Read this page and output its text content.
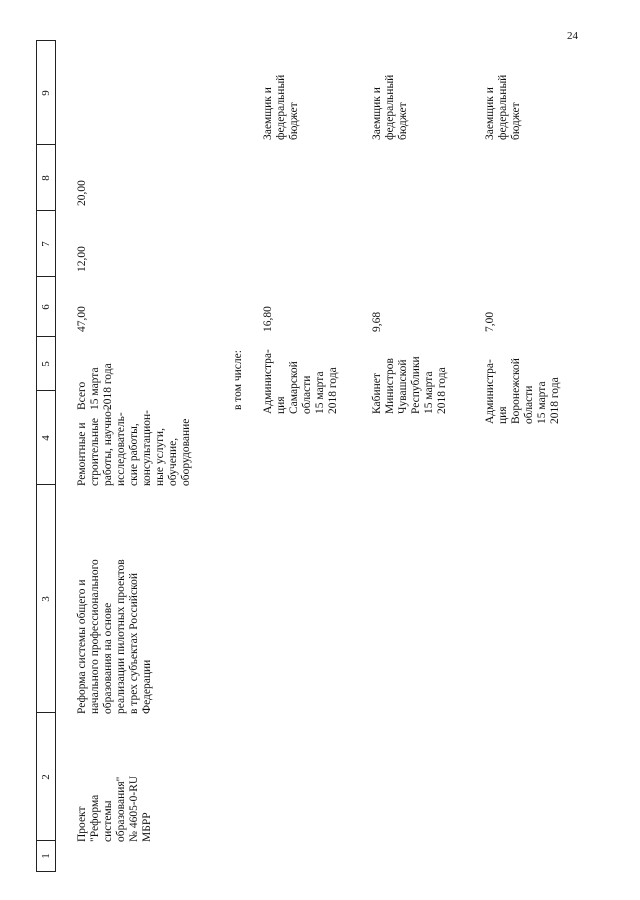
24
1
2
3
4
5
6
7
8
9
Проект
"Реформа
системы
образования"
№ 4605-0-RU
МБРР
Реформа системы общего и
начального профессионального
образования на основе
реализации пилотных проектов
в трех субъектах Российской
Федерации
Ремонтные и
строительные
работы, научно-
исследователь-
ские работы,
консультацион-
ные услуги,
обучение,
оборудование
Всего
15 марта
2018 года
47,00
12,00
20,00
в том числе: Администра-
ция
Самарской
области
15 марта
2018 года
16,80
Заемщик и
федеральный
бюджет
Кабинет
Министров
Чувашской
Республики
15 марта
2018 года
9,68
Заемщик и
федеральный
бюджет
Администра-
ция
Воронежской
области
15 марта
2018 года
7,00
Заемщик и
федеральный
бюджет
